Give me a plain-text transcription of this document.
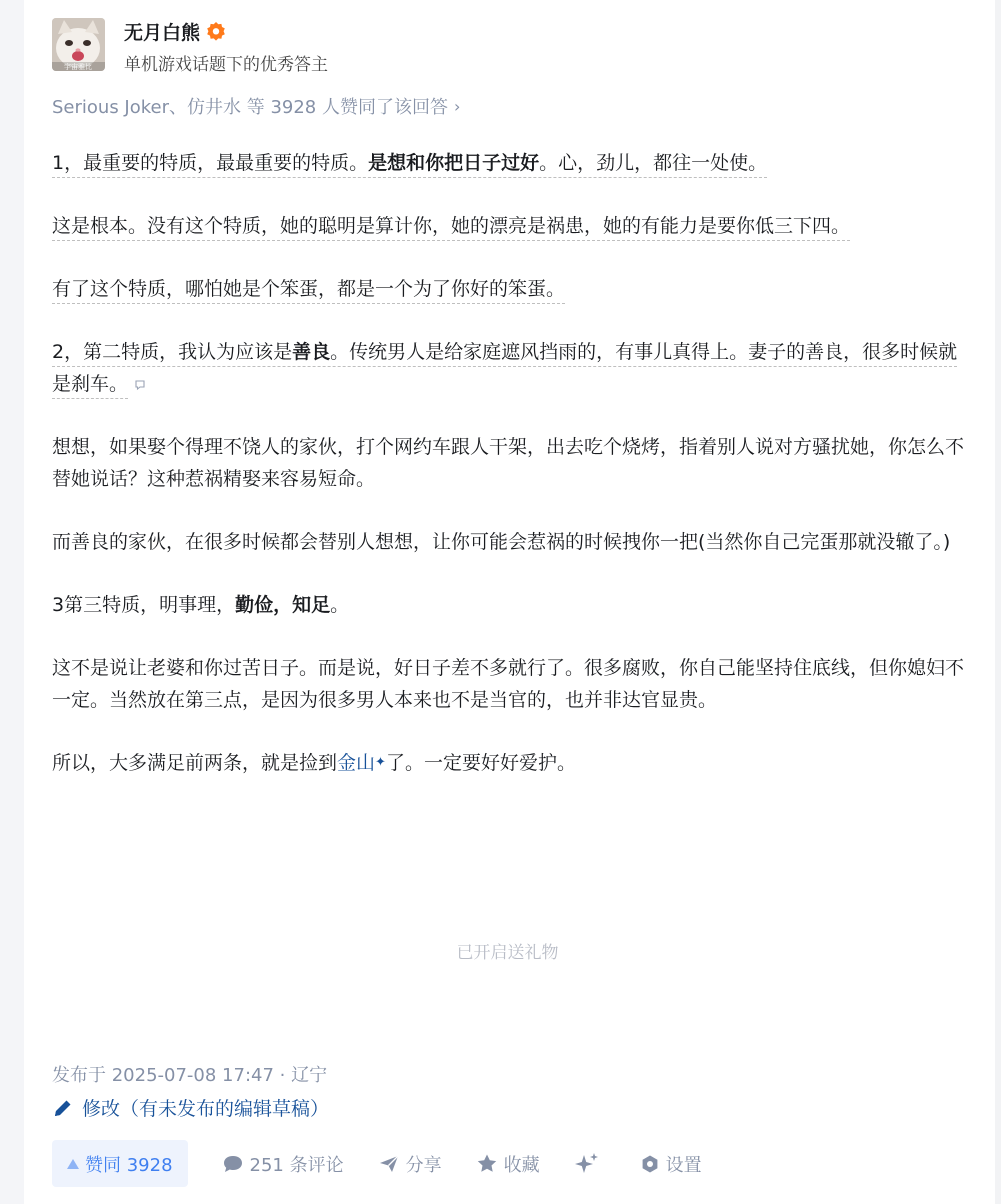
宇宙雅比
无月白熊
单机游戏话题下的优秀答主
Serious Joker、仿井水 等 3928 人赞同了该回答 ›

1，最重要的特质，最最重要的特质。是想和你把日子过好。心，劲儿，都往一处使。

这是根本。没有这个特质，她的聪明是算计你，她的漂亮是祸患，她的有能力是要你低三下四。

有了这个特质，哪怕她是个笨蛋，都是一个为了你好的笨蛋。

2，第二特质，我认为应该是善良。传统男人是给家庭遮风挡雨的，有事儿真得上。妻子的善良，很多时候就是刹车。

想想，如果娶个得理不饶人的家伙，打个网约车跟人干架，出去吃个烧烤，指着别人说对方骚扰她，你怎么不替她说话？这种惹祸精娶来容易短命。

而善良的家伙，在很多时候都会替别人想想，让你可能会惹祸的时候拽你一把(当然你自己完蛋那就没辙了。)

3第三特质，明事理，勤俭，知足。

这不是说让老婆和你过苦日子。而是说，好日子差不多就行了。很多腐败，你自己能坚持住底线，但你媳妇不一定。当然放在第三点，是因为很多男人本来也不是当官的，也并非达官显贵。

所以，大多满足前两条，就是捡到金山✦了。一定要好好爱护。

已开启送礼物
发布于 2025-07-08 17:47 · 辽宁
修改（有未发布的编辑草稿）
赞同 3928	251 条评论	分享	收藏	设置
